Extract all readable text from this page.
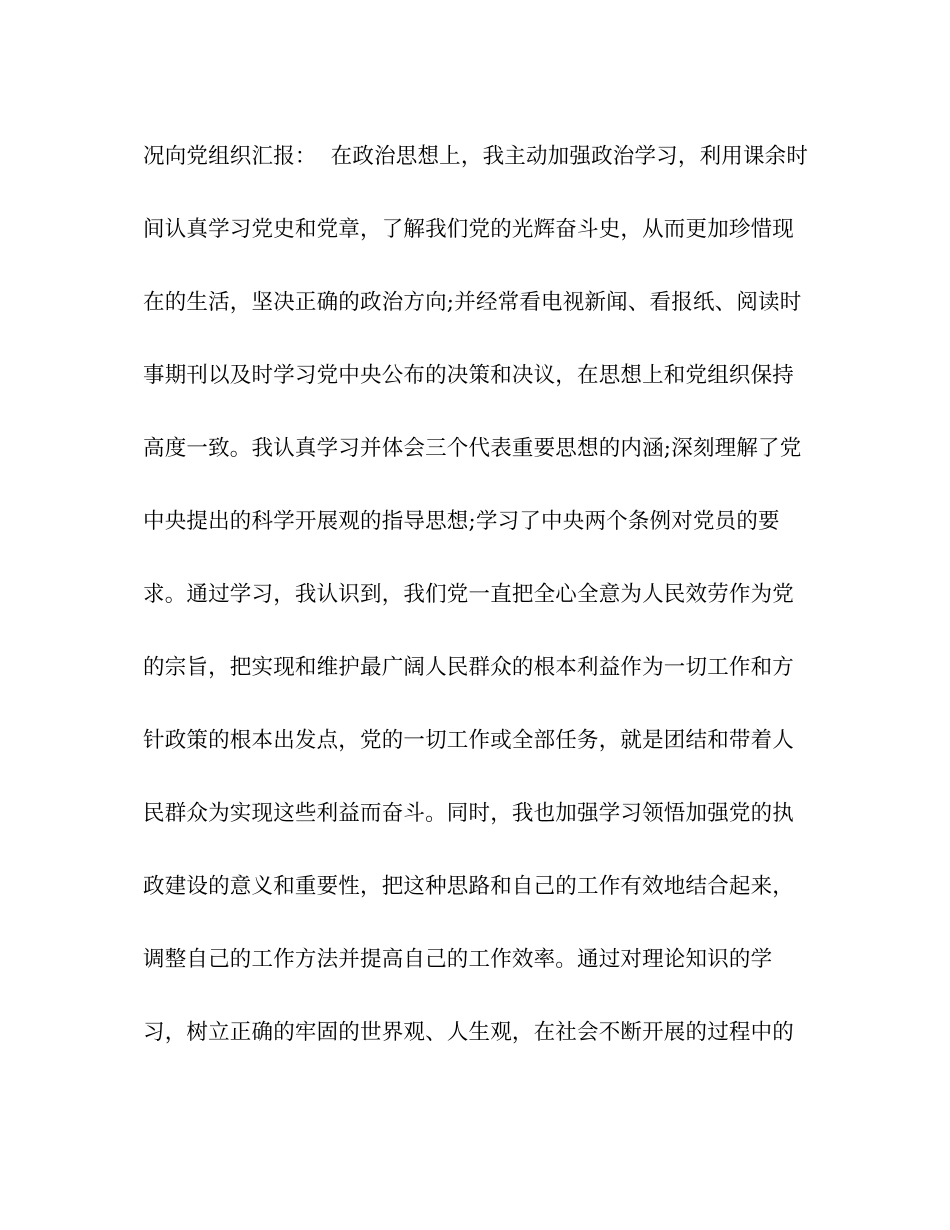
况向党组织汇报：  在政治思想上，我主动加强政治学习，利用课余时
间认真学习党史和党章，了解我们党的光辉奋斗史，从而更加珍惜现
在的生活，坚决正确的政治方向;并经常看电视新闻、看报纸、阅读时
事期刊以及时学习党中央公布的决策和决议，在思想上和党组织保持
高度一致。我认真学习并体会三个代表重要思想的内涵;深刻理解了党
中央提出的科学开展观的指导思想;学习了中央两个条例对党员的要
求。通过学习，我认识到，我们党一直把全心全意为人民效劳作为党
的宗旨，把实现和维护最广阔人民群众的根本利益作为一切工作和方
针政策的根本出发点，党的一切工作或全部任务，就是团结和带着人
民群众为实现这些利益而奋斗。同时，我也加强学习领悟加强党的执
政建设的意义和重要性，把这种思路和自己的工作有效地结合起来，
调整自己的工作方法并提高自己的工作效率。通过对理论知识的学
习，树立正确的牢固的世界观、人生观，在社会不断开展的过程中的
